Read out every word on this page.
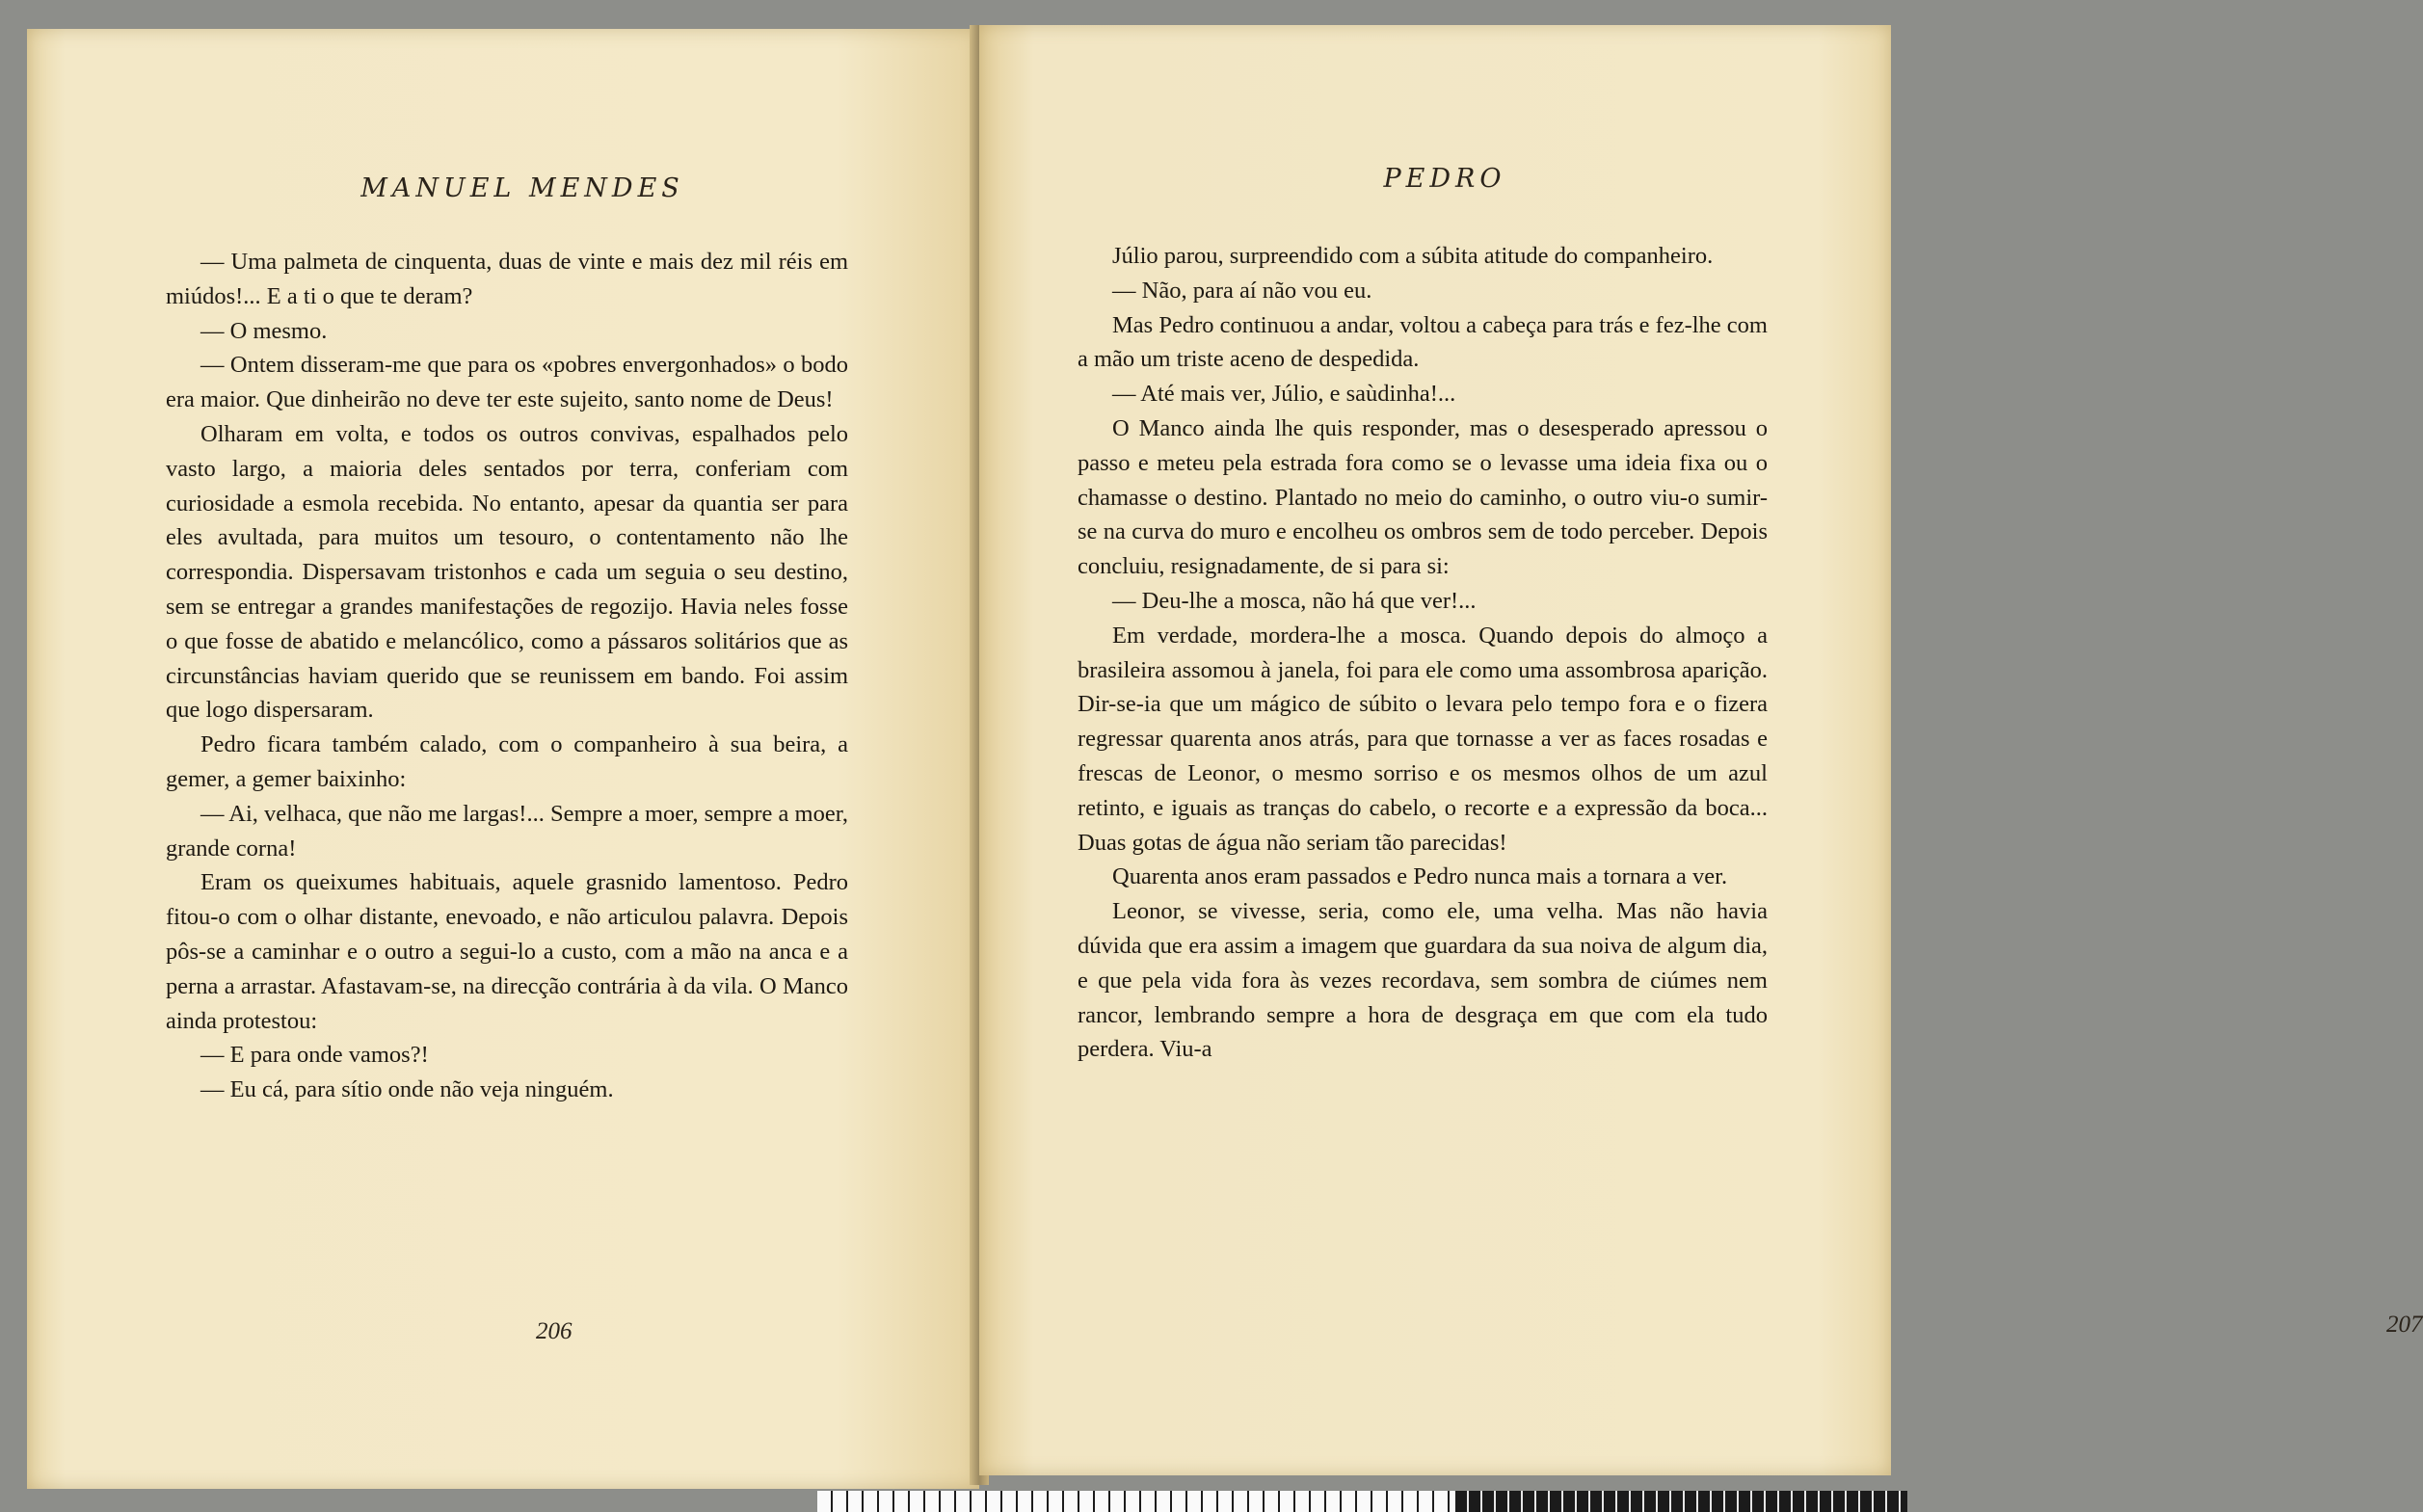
MANUEL MENDES
206
PEDRO
207

— Uma palmeta de cinquenta, duas de vinte e mais dez mil réis em miúdos!... E a ti o que te deram?

— O mesmo.

— Ontem disseram-me que para os «pobres envergonhados» o bodo era maior. Que dinheirão no deve ter este sujeito, santo nome de Deus!

Olharam em volta, e todos os outros convivas, espalhados pelo vasto largo, a maioria deles sentados por terra, conferiam com curiosidade a esmola recebida. No entanto, apesar da quantia ser para eles avultada, para muitos um tesouro, o contentamento não lhe correspondia. Dispersavam tristonhos e cada um seguia o seu destino, sem se entregar a grandes manifestações de regozijo. Havia neles fosse o que fosse de abatido e melancólico, como a pássaros solitários que as circunstâncias haviam querido que se reunissem em bando. Foi assim que logo dispersaram.

Pedro ficara também calado, com o companheiro à sua beira, a gemer, a gemer baixinho:

— Ai, velhaca, que não me largas!... Sempre a moer, sempre a moer, grande corna!

Eram os queixumes habituais, aquele grasnido lamentoso. Pedro fitou-o com o olhar distante, enevoado, e não articulou palavra. Depois pôs-se a caminhar e o outro a segui-lo a custo, com a mão na anca e a perna a arrastar. Afastavam-se, na direcção contrária à da vila. O Manco ainda protestou:

— E para onde vamos?!

— Eu cá, para sítio onde não veja ninguém.

Júlio parou, surpreendido com a súbita atitude do companheiro.

— Não, para aí não vou eu.

Mas Pedro continuou a andar, voltou a cabeça para trás e fez-lhe com a mão um triste aceno de despedida.

— Até mais ver, Júlio, e saùdinha!...

O Manco ainda lhe quis responder, mas o desesperado apressou o passo e meteu pela estrada fora como se o levasse uma ideia fixa ou o chamasse o destino. Plantado no meio do caminho, o outro viu-o sumir-se na curva do muro e encolheu os ombros sem de todo perceber. Depois concluiu, resignadamente, de si para si:

— Deu-lhe a mosca, não há que ver!...

Em verdade, mordera-lhe a mosca. Quando depois do almoço a brasileira assomou à janela, foi para ele como uma assombrosa aparição. Dir-se-ia que um mágico de súbito o levara pelo tempo fora e o fizera regressar quarenta anos atrás, para que tornasse a ver as faces rosadas e frescas de Leonor, o mesmo sorriso e os mesmos olhos de um azul retinto, e iguais as tranças do cabelo, o recorte e a expressão da boca... Duas gotas de água não seriam tão parecidas!

Quarenta anos eram passados e Pedro nunca mais a tornara a ver.

Leonor, se vivesse, seria, como ele, uma velha. Mas não havia dúvida que era assim a imagem que guardara da sua noiva de algum dia, e que pela vida fora às vezes recordava, sem sombra de ciúmes nem rancor, lembrando sempre a hora de desgraça em que com ela tudo perdera. Viu-a
